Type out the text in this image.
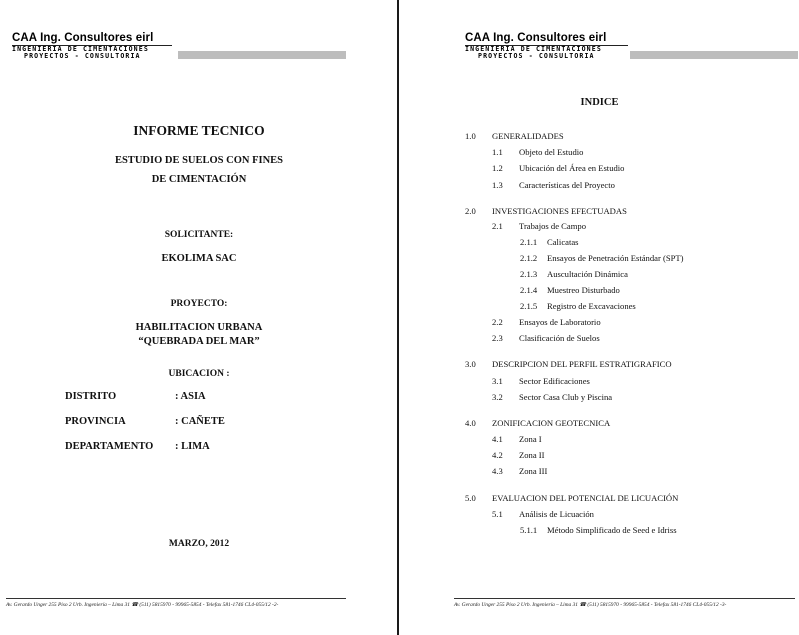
CAA Ing. Consultores eirl
INGENIERIA DE CIMENTACIONES
PROYECTOS - CONSULTORIA
INFORME TECNICO
ESTUDIO DE SUELOS CON FINES
DE CIMENTACIÓN
SOLICITANTE:
EKOLIMA SAC
PROYECTO:
HABILITACION URBANA
“QUEBRADA DEL MAR”
UBICACION :
DISTRITO	: ASIA
PROVINCIA	: CAÑETE
DEPARTAMENTO : LIMA
MARZO, 2012
Av. Gerardo Unger 255 Piso 2 Urb. Ingeniería – Lima 31 ☎ (511) 5815970 - 99965-5854 - Telefax 581-1746 CL4-055/12 -2-
CAA Ing. Consultores eirl
INGENIERIA DE CIMENTACIONES
PROYECTOS - CONSULTORIA
INDICE
1.0 GENERALIDADES
1.1 Objeto del Estudio
1.2 Ubicación del Área en Estudio
1.3 Características del Proyecto
2.0 INVESTIGACIONES EFECTUADAS
2.1 Trabajos de Campo
2.1.1 Calicatas
2.1.2 Ensayos de Penetración Estándar (SPT)
2.1.3 Auscultación Dinámica
2.1.4 Muestreo Disturbado
2.1.5 Registro de Excavaciones
2.2 Ensayos de Laboratorio
2.3 Clasificación de Suelos
3.0 DESCRIPCION DEL PERFIL ESTRATIGRAFICO
3.1 Sector Edificaciones
3.2 Sector Casa Club y Piscina
4.0 ZONIFICACION GEOTECNICA
4.1 Zona I
4.2 Zona II
4.3 Zona III
5.0 EVALUACION DEL POTENCIAL DE LICUACIÓN
5.1 Análisis de Licuación
5.1.1 Método Simplificado de Seed e Idriss
Av. Gerardo Unger 255 Piso 2 Urb. Ingeniería – Lima 31 ☎ (511) 5815970 - 99965-5854 - Telefax 581-1746 CL4-055/12 -3-
